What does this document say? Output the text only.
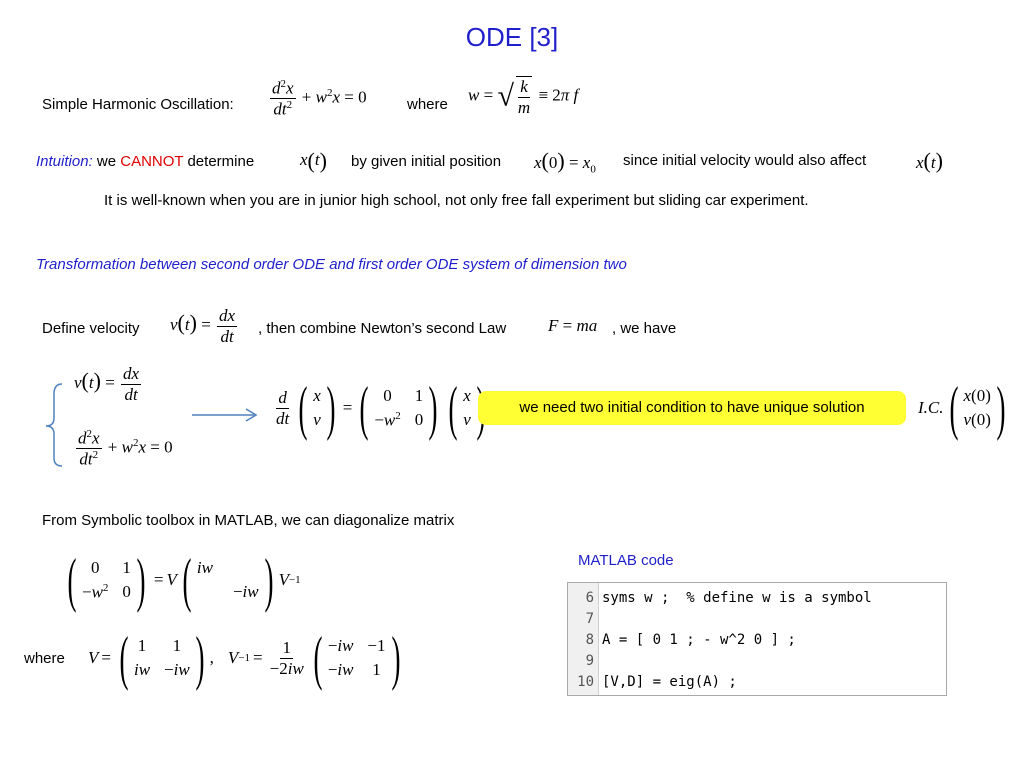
ODE [3]
Simple Harmonic Oscillation: $\frac{d^2x}{dt^2} + w^2x = 0$	where
w = √ $\frac{k}{m} \equiv 2\pi$ f
Intuition: we CANNOT determine	x(t) by given initial position $x(0) = x_0$
since initial velocity would also affect	x(t)
It is well-known when you are in junior high school, not only free fall experiment but sliding car experiment.
Transformation between second order ODE and first order ODE system of dimension two
Define velocity $v(t) = \frac{dx}{dt}$ , then combine Newton’s second Law F = ma , we have
$v(t) = \frac{dx}{dt}$
$\frac{d^2x}{dt^2} + w^2x = 0$
$\frac{d}{dt}$ ( x
v ) = ( 0	1
$-w^2$ 0 ) ( x
v
we need two initial condition to have unique solution	I.C. ( x(0)
v(0) )
From Symbolic toolbox in MATLAB, we can diagonalize matrix
( 0	1
$-w^2$ 0 ) = V ( iw
−iw ) V −1
where V = ( 1	1
iw −iw ) , $V -1 = \frac{1}{-2iw}$ ( −iw −1
−iw 1 )
MATLAB code
6 syms w ;  % define w is a symbol
7
8 A = [ 0 1 ; - w^2 0 ] ;
9
10 [V,D] = eig(A) ;
